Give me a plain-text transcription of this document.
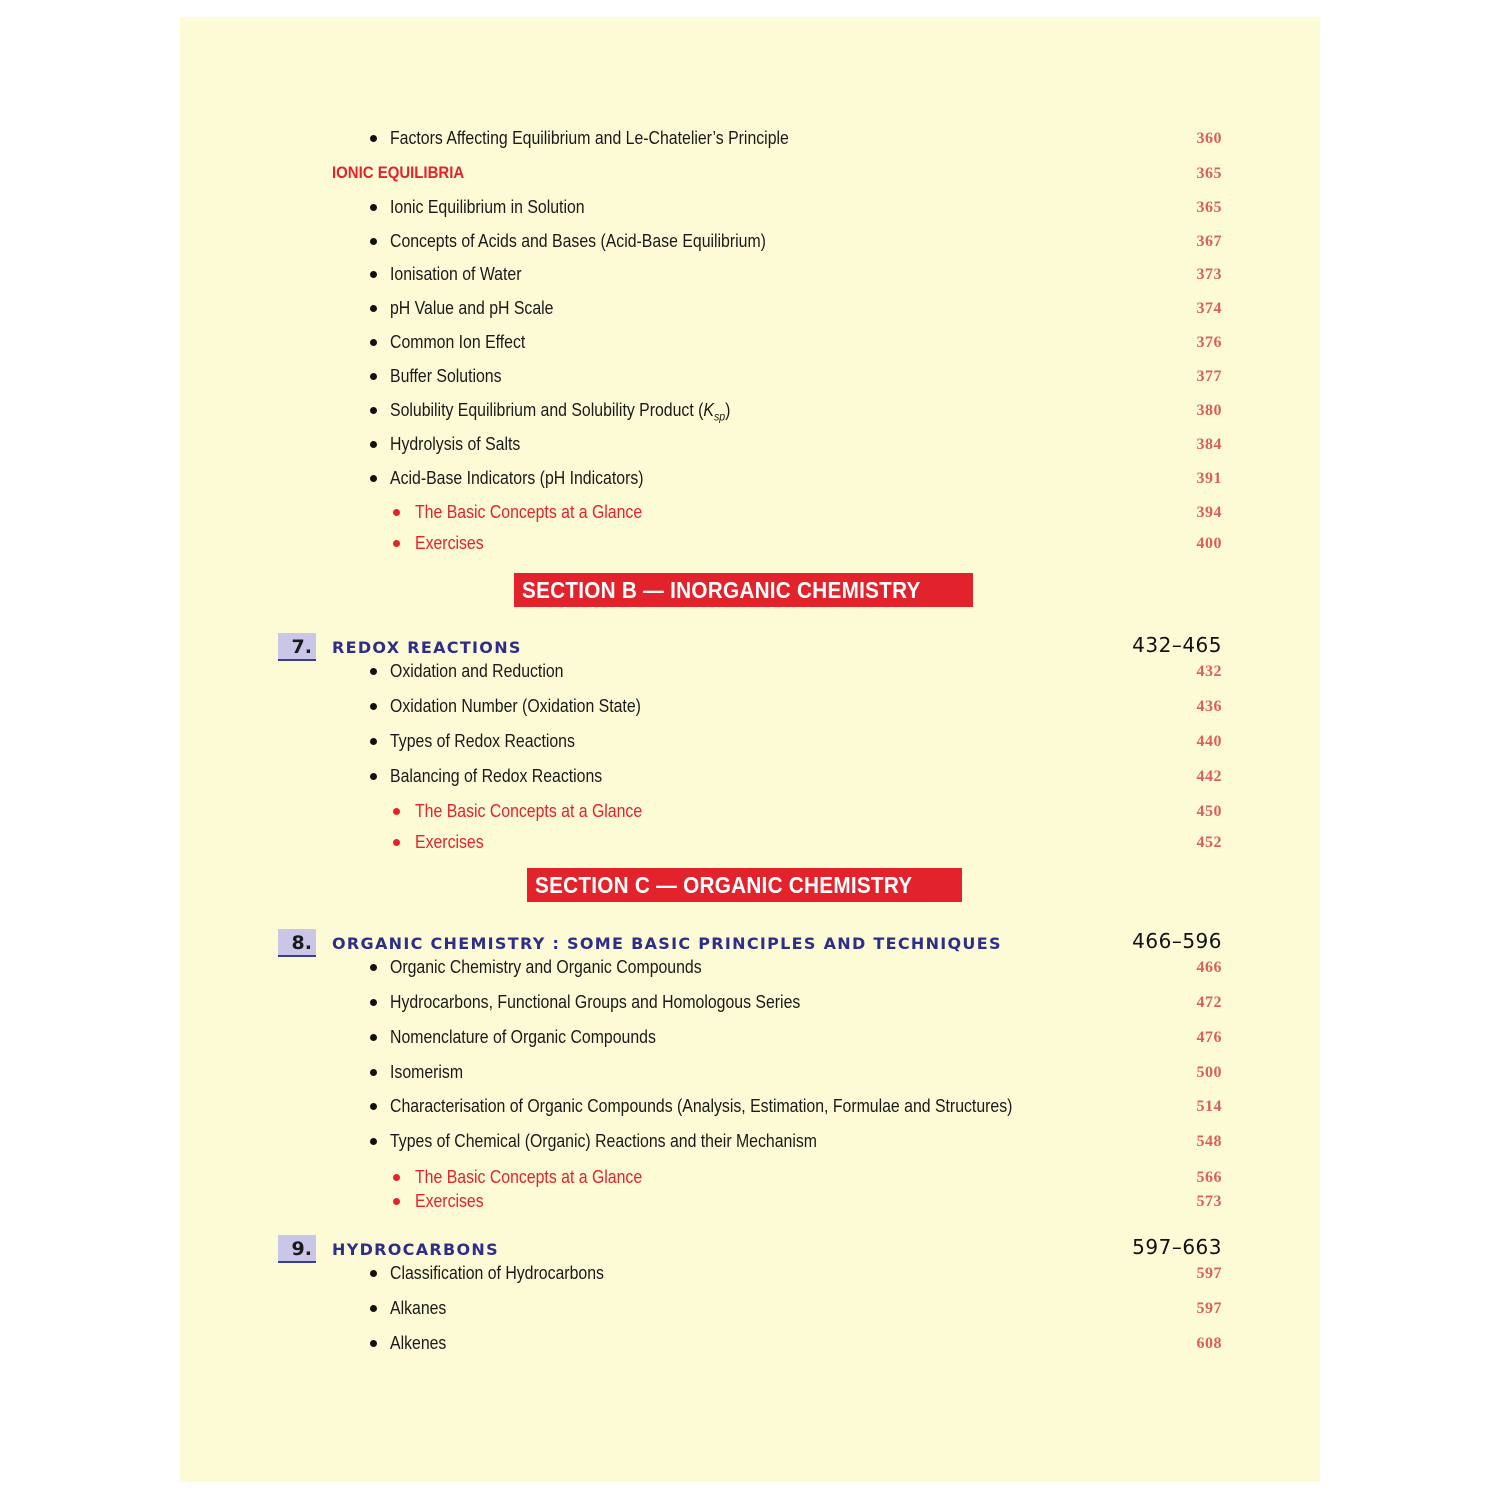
Factors Affecting Equilibrium and Le-Chatelier’s Principle	360
IONIC EQUILIBRIA	365
Ionic Equilibrium in Solution	365
Concepts of Acids and Bases (Acid-Base Equilibrium)	367
Ionisation of Water	373
pH Value and pH Scale	374
Common Ion Effect	376
Buffer Solutions	377
Solubility Equilibrium and Solubility Product $(K_{sp})$	380
Hydrolysis of Salts	384
Acid-Base Indicators (pH Indicators)	391
The Basic Concepts at a Glance	394
Exercises	400
SECTION B — INORGANIC CHEMISTRY
7. REDOX REACTIONS	432–465
Oxidation and Reduction	432
Oxidation Number (Oxidation State)	436
Types of Redox Reactions	440
Balancing of Redox Reactions	442
The Basic Concepts at a Glance	450
Exercises	452
SECTION C — ORGANIC CHEMISTRY
8. ORGANIC CHEMISTRY : SOME BASIC PRINCIPLES AND TECHNIQUES	466–596
Organic Chemistry and Organic Compounds	466
Hydrocarbons, Functional Groups and Homologous Series	472
Nomenclature of Organic Compounds	476
Isomerism	500
Characterisation of Organic Compounds (Analysis, Estimation, Formulae and Structures)	514
Types of Chemical (Organic) Reactions and their Mechanism	548
The Basic Concepts at a Glance	566
Exercises	573
9. HYDROCARBONS	597–663
Classification of Hydrocarbons	597
Alkanes	597
Alkenes	608
